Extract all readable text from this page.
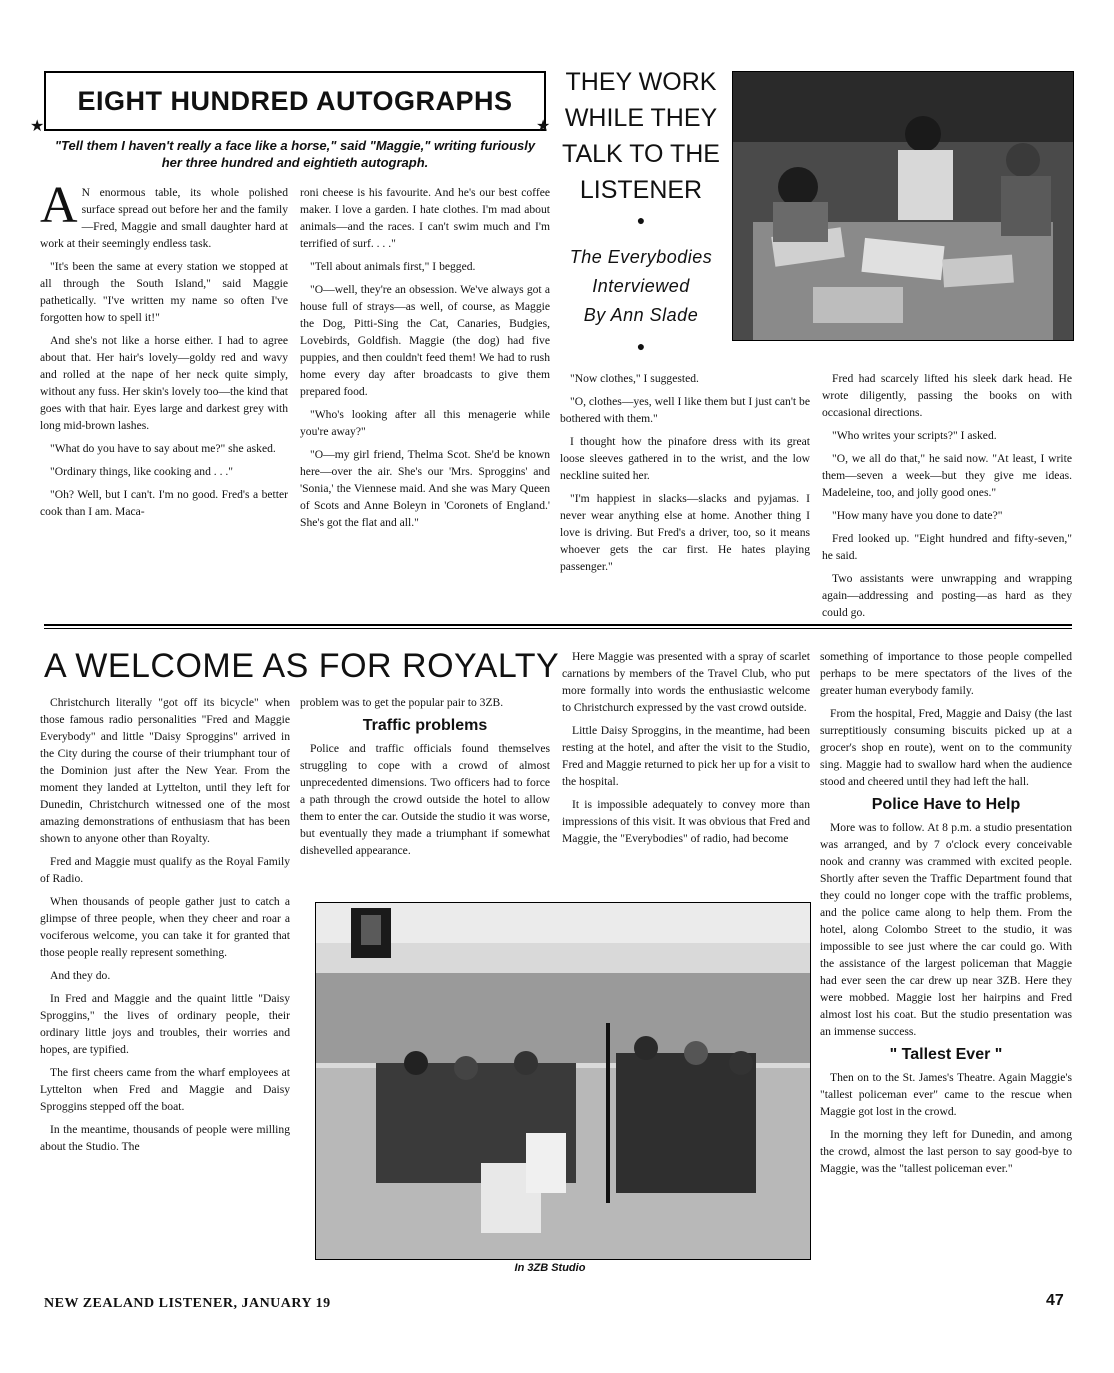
EIGHT HUNDRED AUTOGRAPHS
★	★
"Tell them I haven't really a face like a horse," said "Maggie," writing furiously her three hundred and eightieth autograph.

A N enormous table, its whole polished surface spread out before her and the family—Fred, Maggie and small daughter hard at work at their seemingly endless task.

"It's been the same at every station we stopped at all through the South Island," said Maggie pathetically. "I've written my name so often I've forgotten how to spell it!"

And she's not like a horse either. I had to agree about that. Her hair's lovely—goldy red and wavy and rolled at the nape of her neck quite simply, without any fuss. Her skin's lovely too—the kind that goes with that hair. Eyes large and darkest grey with long mid-brown lashes.

"What do you have to say about me?" she asked.

"Ordinary things, like cooking and . . ."

"Oh? Well, but I can't. I'm no good. Fred's a better cook than I am. Maca-

roni cheese is his favourite. And he's our best coffee maker. I love a garden. I hate clothes. I'm mad about animals—and the races. I can't swim much and I'm terrified of surf. . . ."

"Tell about animals first," I begged.

"O—well, they're an obsession. We've always got a house full of strays—as well, of course, as Maggie the Dog, Pitti-Sing the Cat, Canaries, Budgies, Lovebirds, Goldfish. Maggie (the dog) had five puppies, and then couldn't feed them! We had to rush home every day after broadcasts to give them prepared food.

"Who's looking after all this menagerie while you're away?"

"O—my girl friend, Thelma Scot. She'd be known here—over the air. She's our 'Mrs. Sproggins' and 'Sonia,' the Viennese maid. And she was Mary Queen of Scots and Anne Boleyn in 'Coronets of England.' She's got the flat and all."

THEY WORK
WHILE THEY
TALK TO THE
LISTENER
●
The Everybodies
Interviewed
By Ann Slade
●

"Now clothes," I suggested.

"O, clothes—yes, well I like them but I just can't be bothered with them."

I thought how the pinafore dress with its great loose sleeves gathered in to the wrist, and the low neckline suited her.

"I'm happiest in slacks—slacks and pyjamas. I never wear anything else at home. Another thing I love is driving. But Fred's a driver, too, so it means whoever gets the car first. He hates playing passenger."

Fred had scarcely lifted his sleek dark head. He wrote diligently, passing the books on with occasional directions.

"Who writes your scripts?" I asked.

"O, we all do that," he said now. "At least, I write them—seven a week—but they give me ideas. Madeleine, too, and jolly good ones."

"How many have you done to date?"

Fred looked up. "Eight hundred and fifty-seven," he said.

Two assistants were unwrapping and wrapping again—addressing and posting—as hard as they could go.

A WELCOME AS FOR ROYALTY

Christchurch literally "got off its bicycle" when those famous radio personalities "Fred and Maggie Everybody" and little "Daisy Sproggins" arrived in the City during the course of their triumphant tour of the Dominion just after the New Year. From the moment they landed at Lyttelton, until they left for Dunedin, Christchurch witnessed one of the most amazing demonstrations of enthusiasm that has been shown to anyone other than Royalty.

Fred and Maggie must qualify as the Royal Family of Radio.

When thousands of people gather just to catch a glimpse of three people, when they cheer and roar a vociferous welcome, you can take it for granted that those people really represent something.

And they do.

In Fred and Maggie and the quaint little "Daisy Sproggins," the lives of ordinary people, their ordinary little joys and troubles, their worries and hopes, are typified.

The first cheers came from the wharf employees at Lyttelton when Fred and Maggie and Daisy Sproggins stepped off the boat.

In the meantime, thousands of people were milling about the Studio. The

problem was to get the popular pair to 3ZB.

Traffic problems

Police and traffic officials found themselves struggling to cope with a crowd of almost unprecedented dimensions. Two officers had to force a path through the crowd outside the hotel to allow them to enter the car. Outside the studio it was worse, but eventually they made a triumphant if somewhat dishevelled appearance.

Here Maggie was presented with a spray of scarlet carnations by members of the Travel Club, who put more formally into words the enthusiastic welcome to Christchurch expressed by the vast crowd outside.

Little Daisy Sproggins, in the meantime, had been resting at the hotel, and after the visit to the Studio, Fred and Maggie returned to pick her up for a visit to the hospital.

It is impossible adequately to convey more than impressions of this visit. It was obvious that Fred and Maggie, the "Everybodies" of radio, had become

In 3ZB Studio

something of importance to those people compelled perhaps to be mere spectators of the lives of the greater human everybody family.

From the hospital, Fred, Maggie and Daisy (the last surreptitiously consuming biscuits picked up at a grocer's shop en route), went on to the community sing. Maggie had to swallow hard when the audience stood and cheered until they had left the hall.

Police Have to Help

More was to follow. At 8 p.m. a studio presentation was arranged, and by 7 o'clock every conceivable nook and cranny was crammed with excited people. Shortly after seven the Traffic Department found that they could no longer cope with the traffic problems, and the police came along to help them. From the hotel, along Colombo Street to the studio, it was impossible to see just where the car could go. With the assistance of the largest policeman that Maggie had ever seen the car drew up near 3ZB. Here they were mobbed. Maggie lost her hairpins and Fred almost lost his coat. But the studio presentation was an immense success.

" Tallest Ever "

Then on to the St. James's Theatre. Again Maggie's "tallest policeman ever" came to the rescue when Maggie got lost in the crowd.

In the morning they left for Dunedin, and among the crowd, almost the last person to say good-bye to Maggie, was the "tallest policeman ever."

NEW ZEALAND LISTENER, JANUARY 19	47
